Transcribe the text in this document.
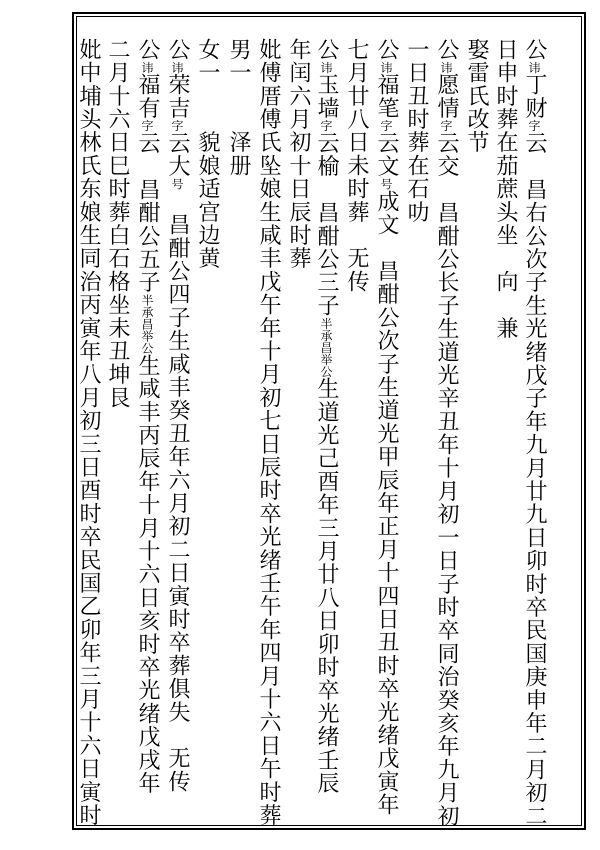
公讳丁财字云　昌右公次子生光绪戊子年九月廿九日卯时卒民国庚申年二月初二
日申时葬在茄蔗头坐　向　兼
娶雷氏改节
公讳愿情字云交　昌酣公长子生道光辛丑年十月初一日子时卒同治癸亥年九月初
一日丑时葬在石叻
公讳福笔字云文号成文　昌酣公次子生道光甲辰年正月十四日丑时卒光绪戊寅年
七月廿八日未时葬　无传
公讳玉墙字云榆　昌酣公三子半承昌举公生道光己酉年三月廿八日卯时卒光绪壬辰
年闰六月初十日辰时葬
妣傅厝傅氏坠娘生咸丰戊午年十月初七日辰时卒光绪壬午年四月十六日午时葬
男一　　泽册
女一　　貌娘适宫边黄
公讳荣吉字云大号　昌酣公四子生咸丰癸丑年六月初二日寅时卒葬俱失　无传
公讳福有字云　昌酣公五子半承昌举公生咸丰丙辰年十月十六日亥时卒光绪戊戌年
二月十六日巳时葬白石格坐未丑坤艮
妣中埔头林氏东娘生同治丙寅年八月初三日酉时卒民国乙卯年三月十六日寅时
